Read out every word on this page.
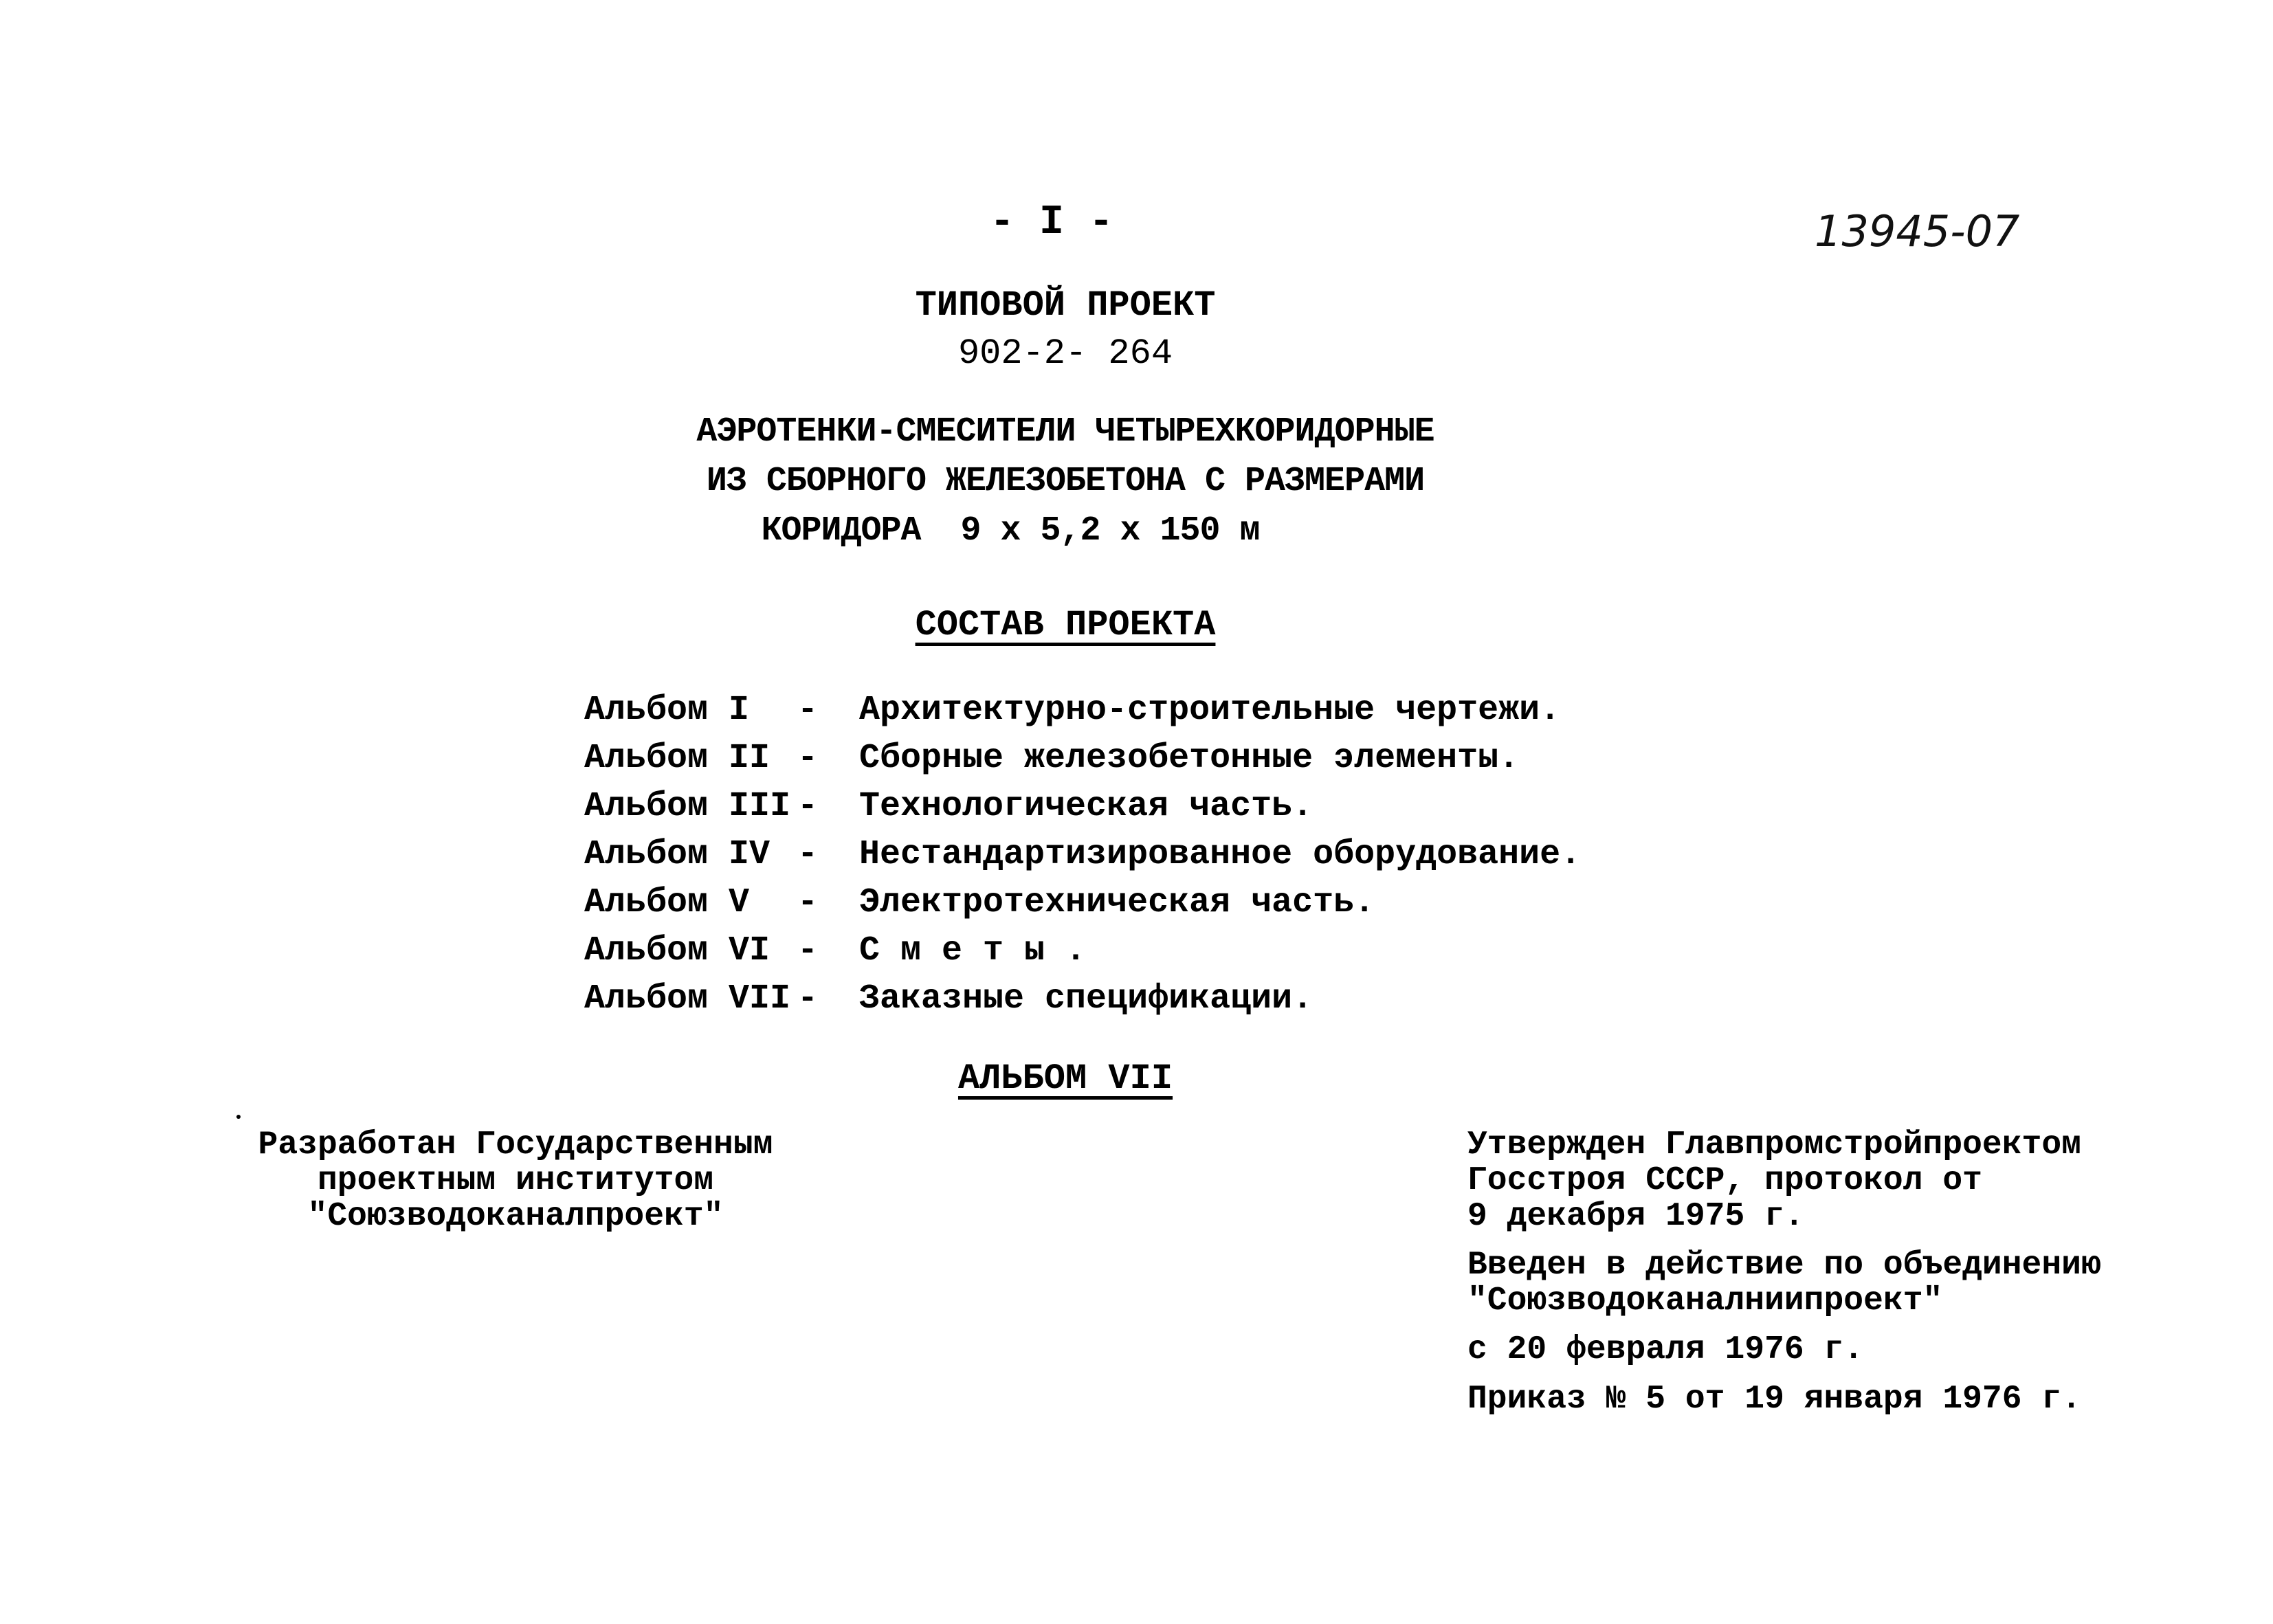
- I -	13945-07
ТИПОВОЙ ПРОЕКТ
902-2- 264
АЭРОТЕНКИ-СМЕСИТЕЛИ ЧЕТЫРЕХКОРИДОРНЫЕ
ИЗ СБОРНОГО ЖЕЛЕЗОБЕТОНА С РАЗМЕРАМИ
КОРИДОРА  9 х 5,2 х 150 м
СОСТАВ ПРОЕКТА
Альбом I - Архитектурно-строительные чертежи.
Альбом II - Сборные железобетонные элементы.
Альбом III - Технологическая часть.
Альбом IV - Нестандартизированное оборудование.
Альбом V - Электротехническая часть.
Альбом VI - С м е т ы .
Альбом VII - Заказные спецификации.
АЛЬБОМ VII
Разработан Государственным
проектным институтом
"Союзводоканалпроект"
Утвержден Главпромстройпроектом
Госстроя СССР, протокол от
9 декабря 1975 г.
Введен в действие по объединению
"Союзводоканалниипроект"
с 20 февраля 1976 г.
Приказ № 5 от 19 января 1976 г.
